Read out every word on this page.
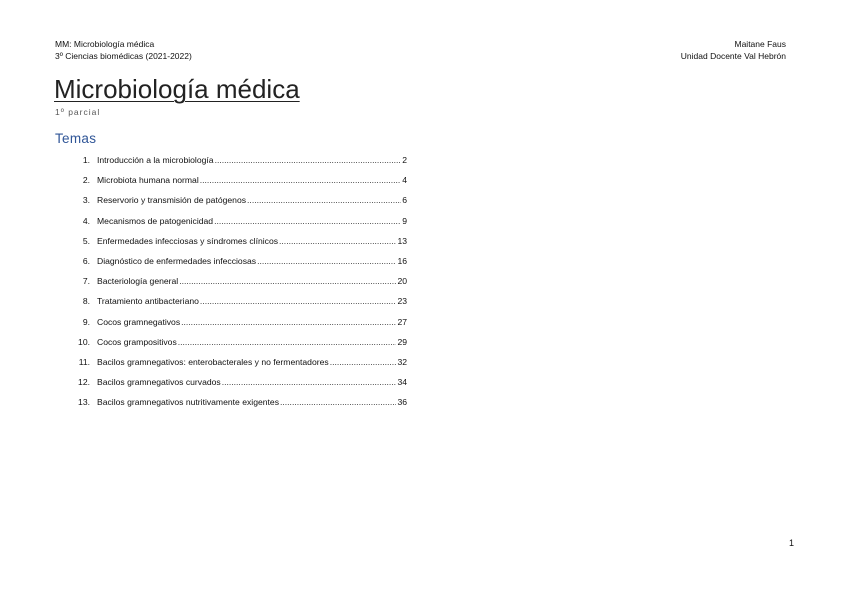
MM: Microbiología médica
3º Ciencias biomédicas (2021-2022)
Maitane Faus
Unidad Docente Val Hebrón
Microbiología médica
1º parcial
Temas
1. Introducción a la microbiología .....	2
2. Microbiota humana normal .....	4
3. Reservorio y transmisión de patógenos .....	6
4. Mecanismos de patogenicidad .....	9
5. Enfermedades infecciosas y síndromes clínicos .....	13
6. Diagnóstico de enfermedades infecciosas .....	16
7. Bacteriología general .....	20
8. Tratamiento antibacteriano .....	23
9. Cocos gramnegativos .....	27
10. Cocos grampositivos .....	29
11. Bacilos gramnegativos: enterobacterales y no fermentadores .....	32
12. Bacilos gramnegativos curvados .....	34
13. Bacilos gramnegativos nutritivamente exigentes .....	36
1
